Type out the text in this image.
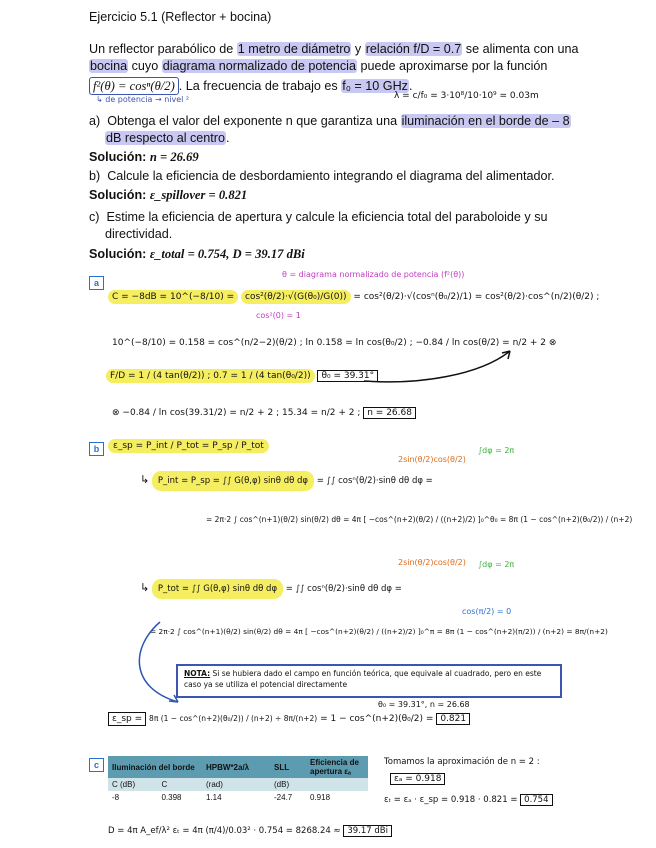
Ejercicio 5.1 (Reflector + bocina)
Un reflector parabólico de 1 metro de diámetro y relación f/D = 0.7 se alimenta con una
bocina cuyo diagrama normalizado de potencia puede aproximarse por la función
f²(θ) = cosⁿ(θ/2) . La frecuencia de trabajo es f₀ = 10 GHz.
↳ de potencia → nivel ²	λ = c/f₀ = 3·10⁸/10·10⁹ = 0.03m
a) Obtenga el valor del exponente n que garantiza una iluminación en el borde de – 8
dB respecto al centro.
Solución: n = 26.69
b) Calcule la eficiencia de desbordamiento integrando el diagrama del alimentador.
Solución: ε_spillover = 0.821
c) Estime la eficiencia de apertura y calcule la eficiencia total del paraboloide y su
directividad.
Solución: ε_total = 0.754, D = 39.17 dBi
a
θ = diagrama normalizado de potencia (f²(θ))
C = −8dB = 10^(−8/10) = cos²(θ/2)·√(G(θ₀)/G(0)) = cos²(θ/2)·√(cosⁿ(θ₀/2)/1) = cos²(θ/2)·cos^(n/2)(θ/2) ;
cos²(0) = 1
10^(−8/10) = 0.158 = cos^(n/2−2)(θ/2) ; ln 0.158 = ln cos(θ₀/2) ; −0.84 / ln cos(θ/2) = n/2 + 2 ⊗
F/D = 1 / (4 tan(θ/2)) ; 0.7 = 1 / (4 tan(θ₀/2)) θ₀ = 39.31°
⊗ −0.84 / ln cos(39.31/2) = n/2 + 2 ; 15.34 = n/2 + 2 ; n = 26.68
b	ε_sp = P_int / P_tot = P_sp / P_tot
2sin(θ/2)cos(θ/2)
∫dφ = 2π
↳ P_int = P_sp = ∫∫ G(θ,φ) sinθ dθ dφ = ∫∫ cosⁿ(θ/2)·sinθ dθ dφ =
= 2π·2 ∫ cos^(n+1)(θ/2) sin(θ/2) dθ = 4π [ −cos^(n+2)(θ/2) / ((n+2)/2) ]₀^θ₀ = 8π (1 − cos^(n+2)(θ₀/2)) / (n+2)
2sin(θ/2)cos(θ/2) ∫dφ = 2π
↳ P_tot = ∫∫ G(θ,φ) sinθ dθ dφ = ∫∫ cosⁿ(θ/2)·sinθ dθ dφ =
cos(π/2) = 0
= 2π·2 ∫ cos^(n+1)(θ/2) sin(θ/2) dθ = 4π [ −cos^(n+2)(θ/2) / ((n+2)/2) ]₀^π = 8π (1 − cos^(n+2)(π/2)) / (n+2) = 8π/(n+2)
NOTA: Si se hubiera dado el campo en función teórica, que equivale al cuadrado, pero en este caso ya se utiliza el potencial directamente
θ₀ = 39.31°, n = 26.68
ε_sp = 8π (1 − cos^(n+2)(θ₀/2)) / (n+2) ÷ 8π/(n+2) = 1 − cos^(n+2)(θ₀/2) = 0.821
c	Iluminación del borde		HPBW*2a/λ	SLL	Eficiencia de apertura εₐ
C (dB)	C	(rad)	(dB)	
-8	0.398	1.14	-24.7	0.918
Tomamos la aproximación de n = 2 :
εₐ = 0.918
εₜ = εₐ · ε_sp = 0.918 · 0.821 = 0.754
D = 4π A_ef/λ² εₜ = 4π (π/4)/0.03² · 0.754 = 8268.24 ≈ 39.17 dBi
